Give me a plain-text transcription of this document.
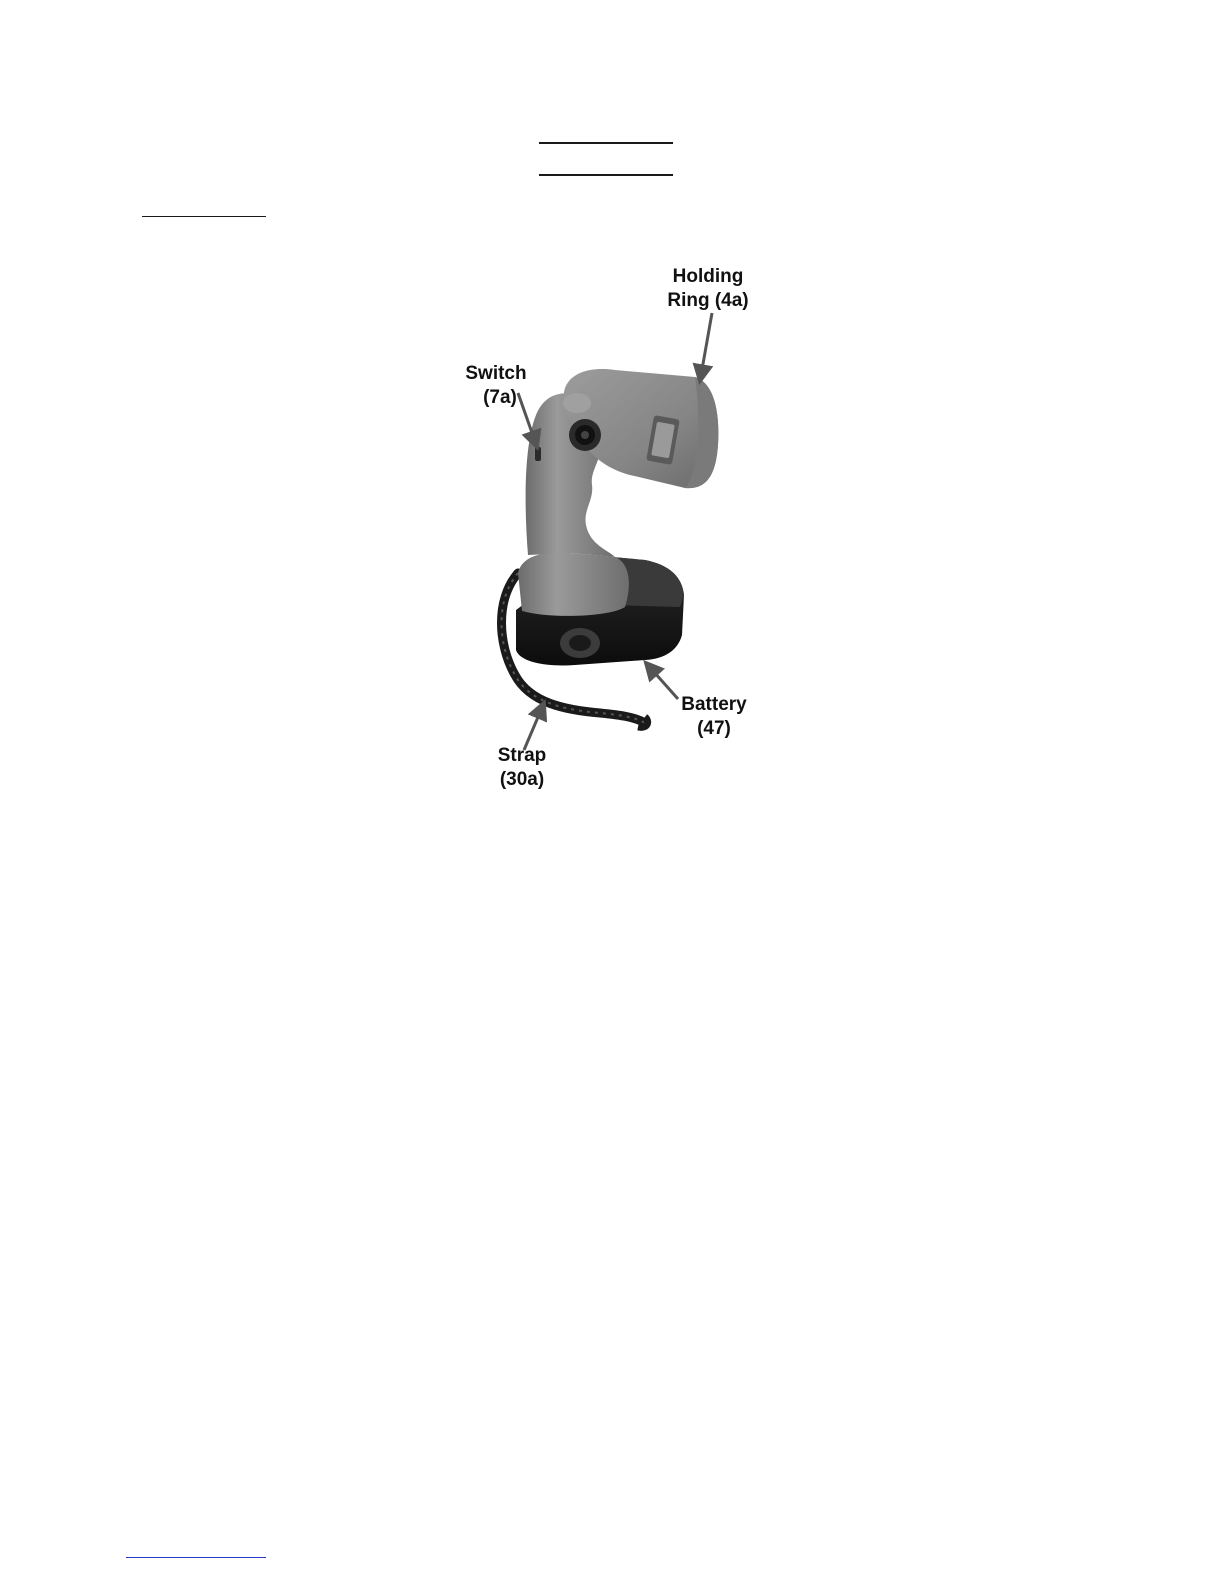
Holding
Ring (4a)
Switch
(7a)
Battery
(47)
Strap
(30a)
